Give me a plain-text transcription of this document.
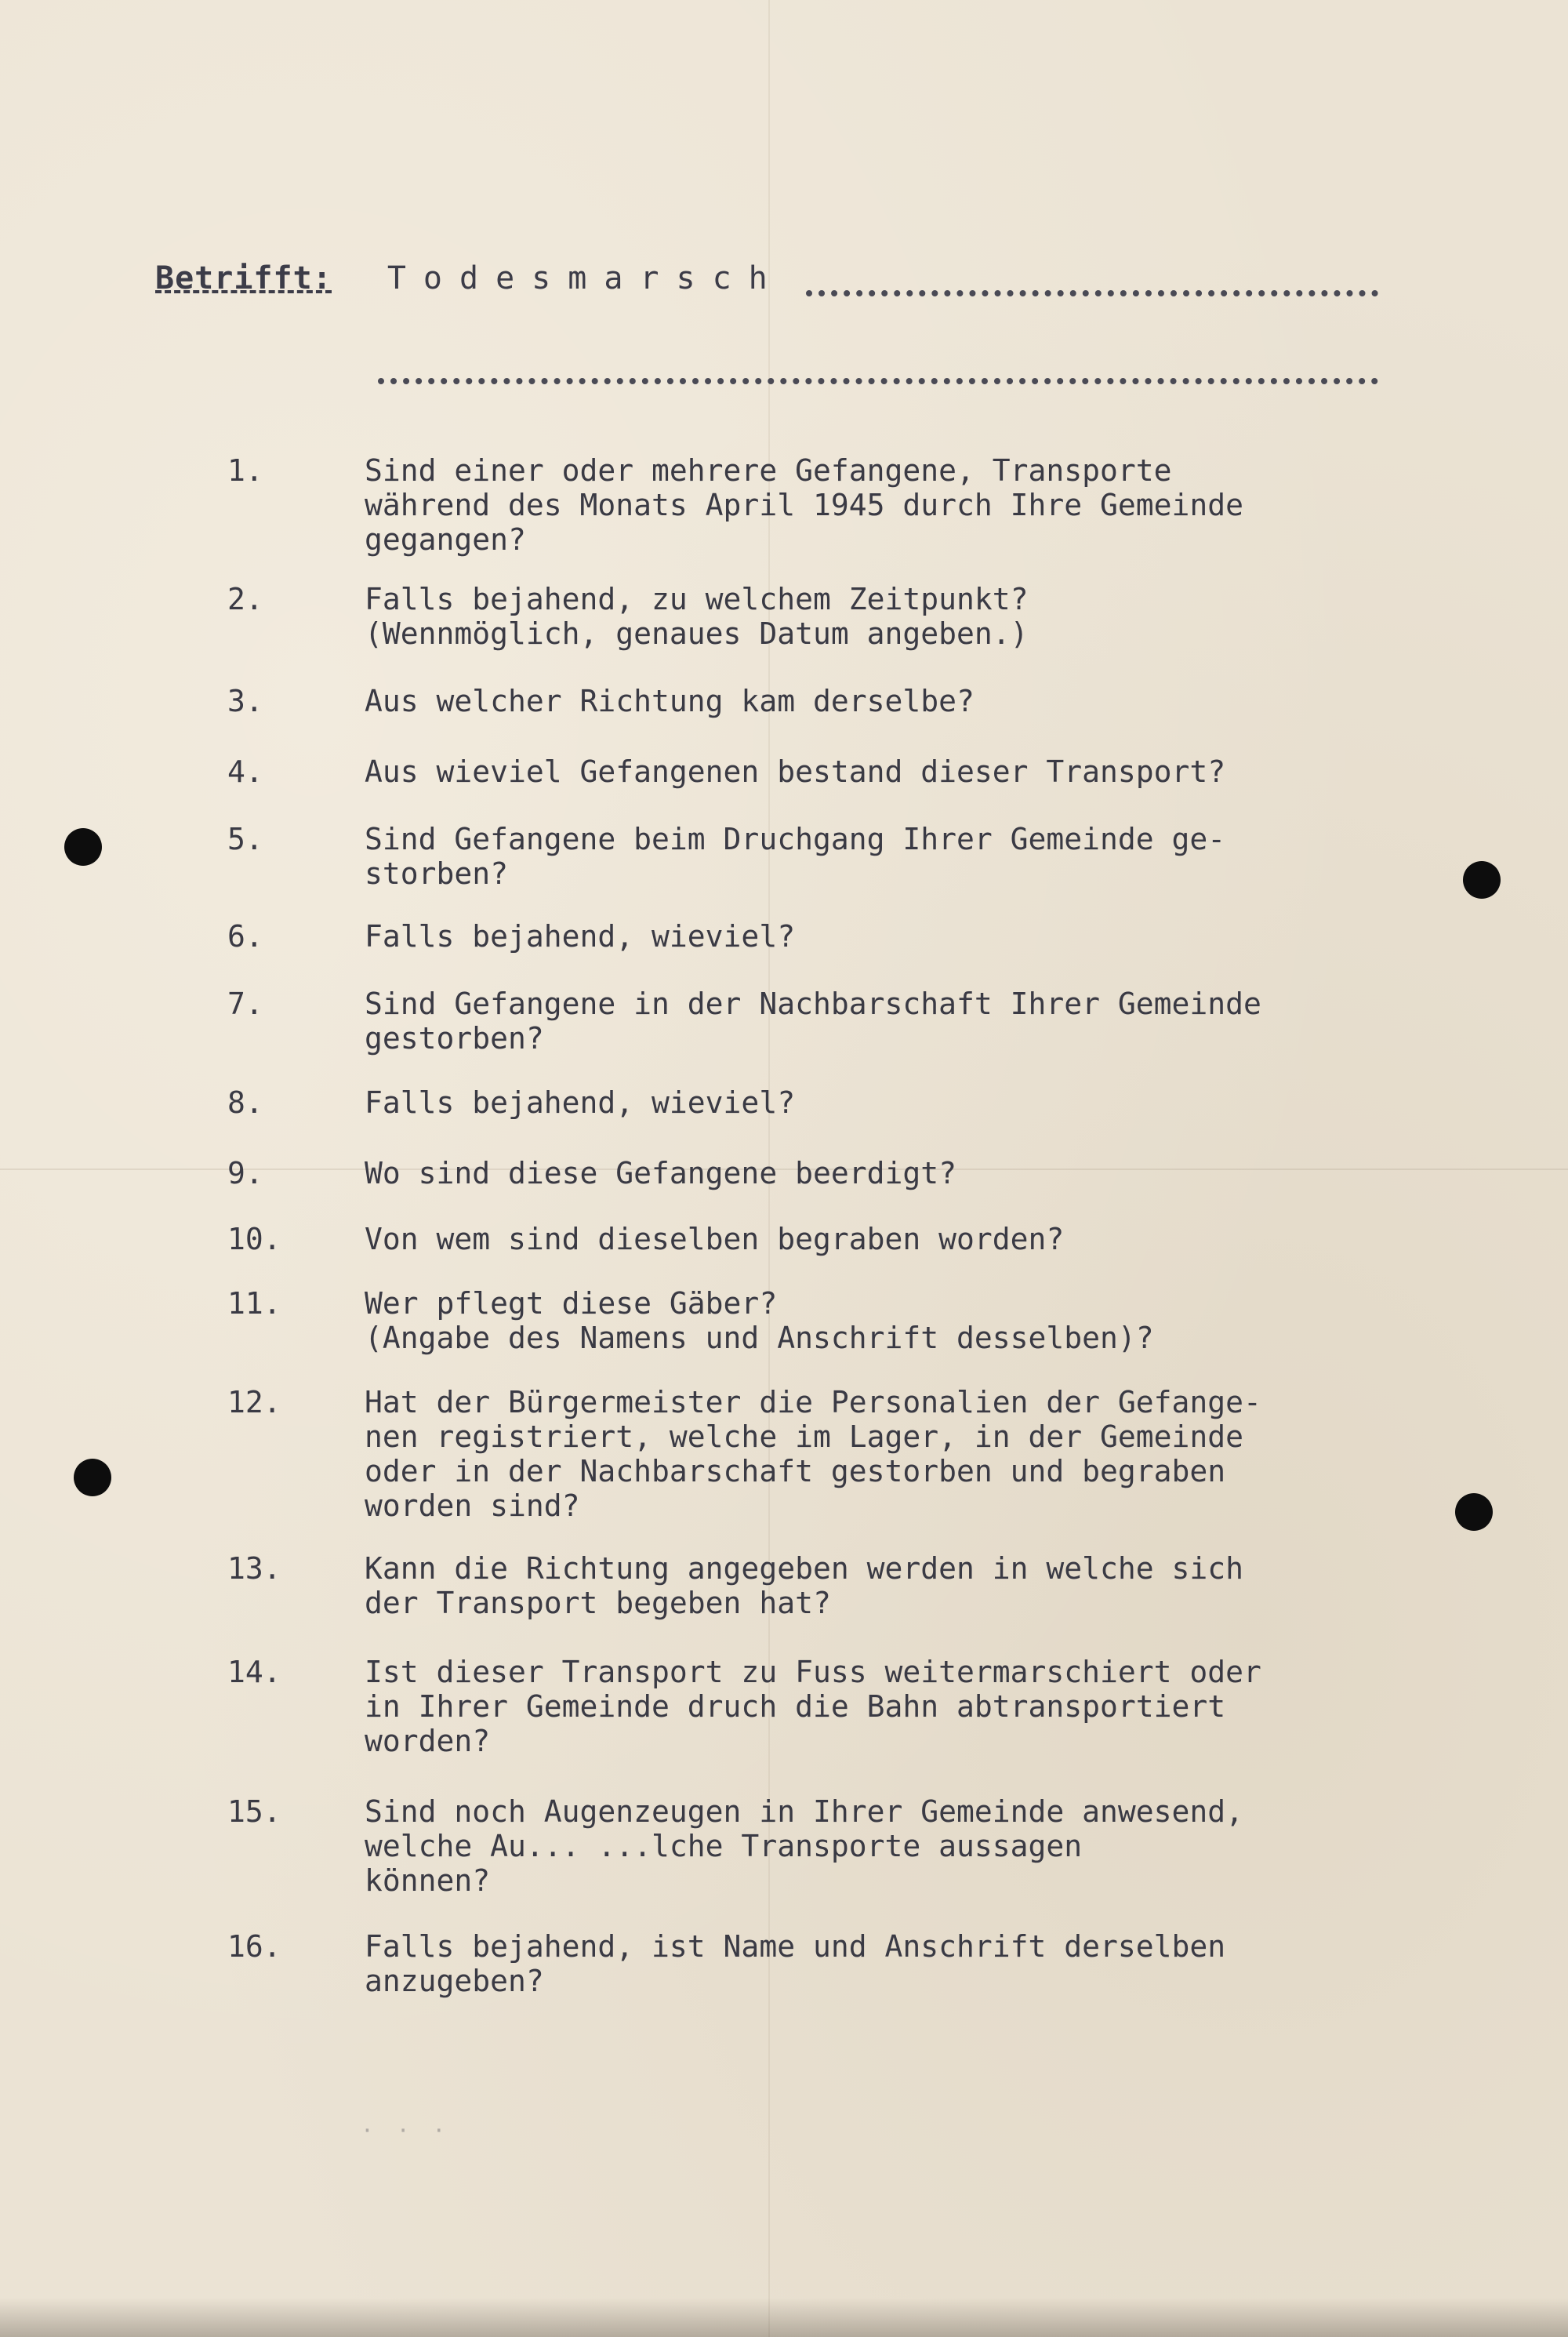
Betrifft: Todesmarsch
1.	Sind einer oder mehrere Gefangene, Transporte
während des Monats April 1945 durch Ihre Gemeinde
gegangen?
2.	Falls bejahend, zu welchem Zeitpunkt?
(Wennmöglich, genaues Datum angeben.)
3.	Aus welcher Richtung kam derselbe?
4.	Aus wieviel Gefangenen bestand dieser Transport?
5.	Sind Gefangene beim Druchgang Ihrer Gemeinde ge-
storben?
6.	Falls bejahend, wieviel?
7.	Sind Gefangene in der Nachbarschaft Ihrer Gemeinde
gestorben?
8.	Falls bejahend, wieviel?
9.	Wo sind diese Gefangene beerdigt?
10.	Von wem sind dieselben begraben worden?
11.	Wer pflegt diese Gäber?
(Angabe des Namens und Anschrift desselben)?
12.	Hat der Bürgermeister die Personalien der Gefange-
nen registriert, welche im Lager, in der Gemeinde
oder in der Nachbarschaft gestorben und begraben
worden sind?
13.	Kann die Richtung angegeben werden in welche sich
der Transport begeben hat?
14.	Ist dieser Transport zu Fuss weitermarschiert oder
in Ihrer Gemeinde druch die Bahn abtransportiert
worden?
15.	Sind noch Augenzeugen in Ihrer Gemeinde anwesend,
welche Au... ...lche Transporte aussagen
können?
16.	Falls bejahend, ist Name und Anschrift derselben
anzugeben?
· · ·
